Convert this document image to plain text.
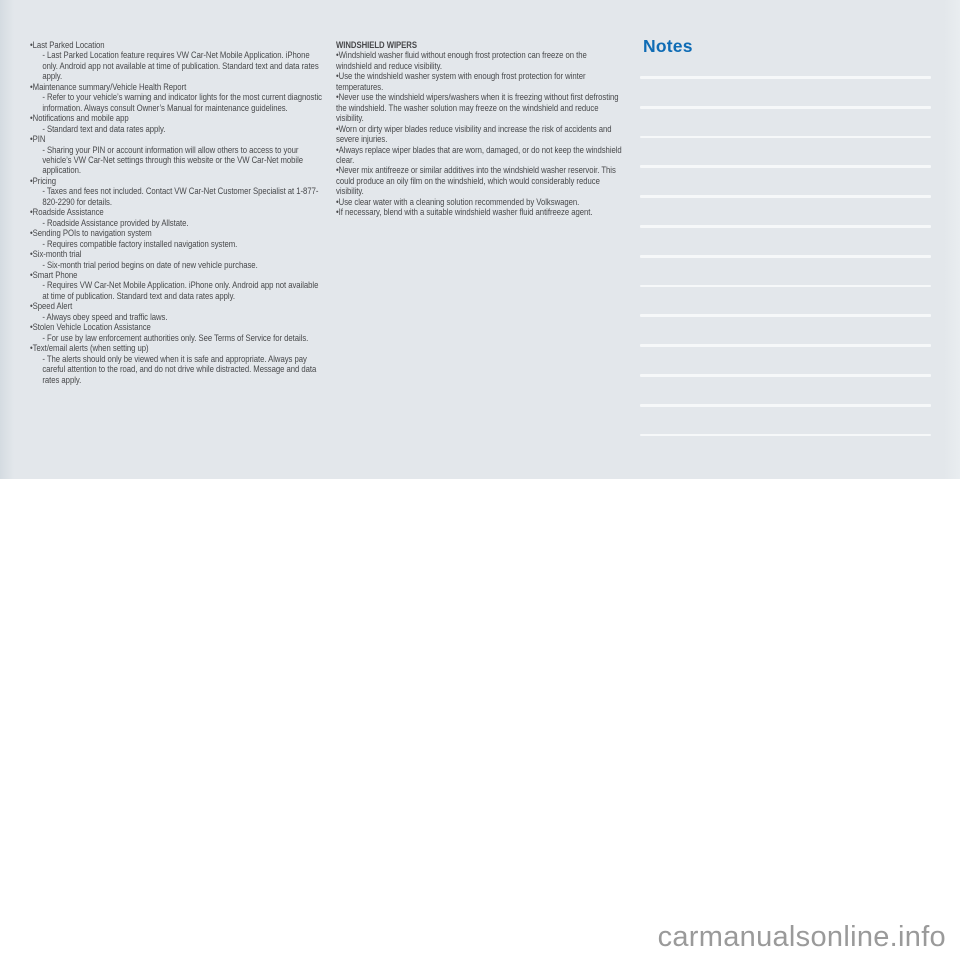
• Last Parked Location
- Last Parked Location feature requires VW Car-Net Mobile Application. iPhone only. Android app not available at time of publication. Standard text and data rates apply.
• Maintenance summary/Vehicle Health Report
- Refer to your vehicle’s warning and indicator lights for the most current diagnostic information. Always consult Owner’s Manual for maintenance guidelines.
• Notifications and mobile app
- Standard text and data rates apply.
• PIN
- Sharing your PIN or account information will allow others to access to your vehicle’s VW Car-Net settings through this website or the VW Car-Net mobile application.
• Pricing
- Taxes and fees not included. Contact VW Car-Net Customer Specialist at 1-877-820-2290 for details.
• Roadside Assistance
- Roadside Assistance provided by Allstate.
• Sending POIs to navigation system
- Requires compatible factory installed navigation system.
• Six-month trial
- Six-month trial period begins on date of new vehicle purchase.
• Smart Phone
- Requires VW Car-Net Mobile Application. iPhone only. Android app not available at time of publication. Standard text and data rates apply.
• Speed Alert
- Always obey speed and traffic laws.
• Stolen Vehicle Location Assistance
- For use by law enforcement authorities only. See Terms of Service for details.
• Text/email alerts (when setting up)
- The alerts should only be viewed when it is safe and appropriate. Always pay careful attention to the road, and do not drive while distracted. Message and data rates apply.
WINDSHIELD WIPERS
• Windshield washer fluid without enough frost protection can freeze on the windshield and reduce visibility.
• Use the windshield washer system with enough frost protection for winter temperatures.
• Never use the windshield wipers/washers when it is freezing without first defrosting the windshield. The washer solution may freeze on the windshield and reduce visibility.
• Worn or dirty wiper blades reduce visibility and increase the risk of accidents and severe injuries.
• Always replace wiper blades that are worn, damaged, or do not keep the windshield clear.
• Never mix antifreeze or similar additives into the windshield washer reservoir. This could produce an oily film on the windshield, which would considerably reduce visibility.
• Use clear water with a cleaning solution recommended by Volkswagen.
• If necessary, blend with a suitable windshield washer fluid antifreeze agent.
Notes
carmanualsonline.info
